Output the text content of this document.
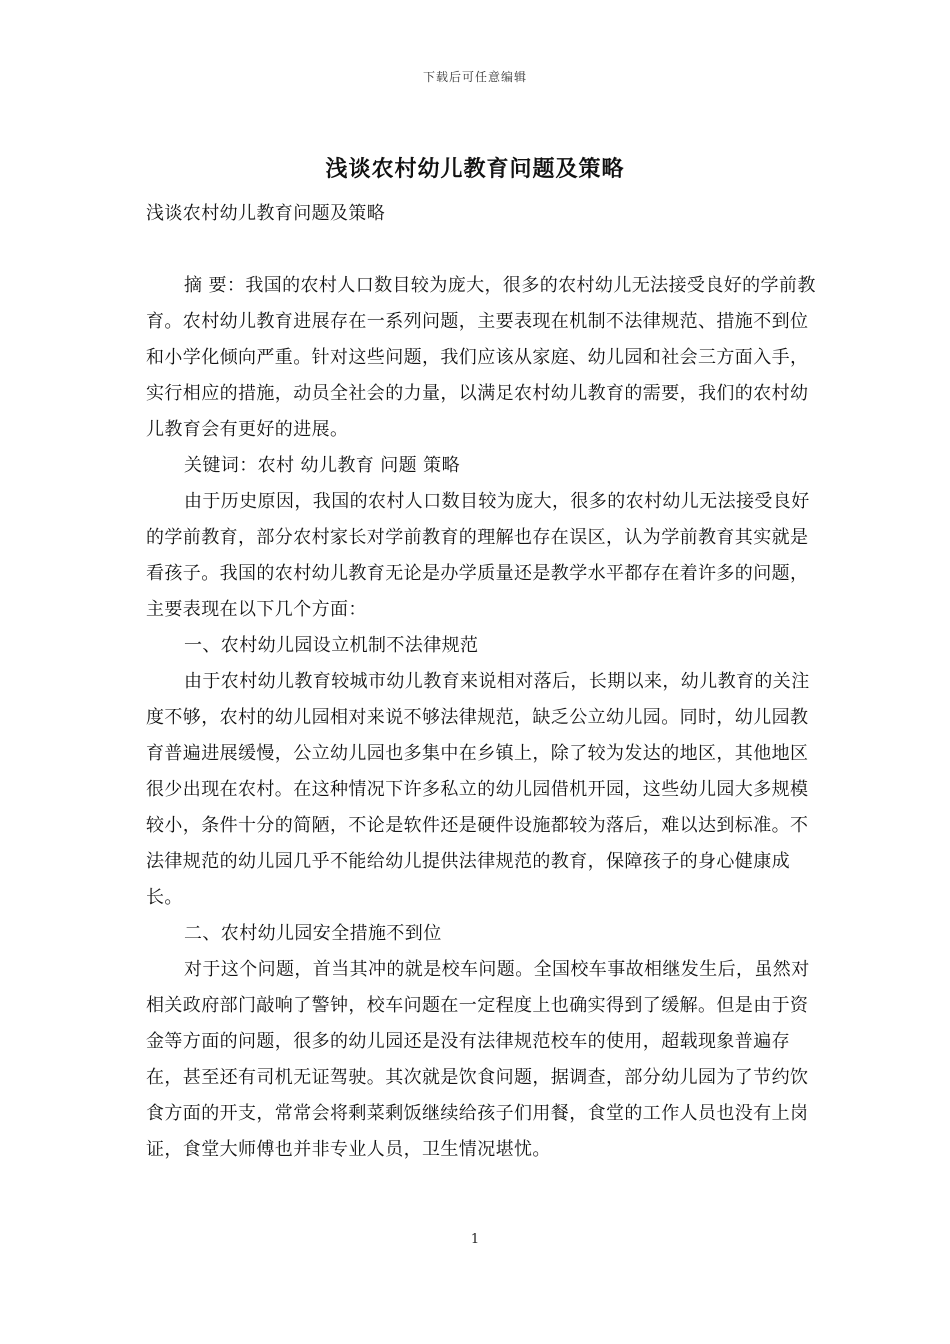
下载后可任意编辑
浅谈农村幼儿教育问题及策略

浅谈农村幼儿教育问题及策略

摘 要：我国的农村人口数目较为庞大，很多的农村幼儿无法接受良好的学前教育。农村幼儿教育进展存在一系列问题，主要表现在机制不法律规范、措施不到位和小学化倾向严重。针对这些问题，我们应该从家庭、幼儿园和社会三方面入手，实行相应的措施，动员全社会的力量，以满足农村幼儿教育的需要，我们的农村幼儿教育会有更好的进展。

关键词：农村 幼儿教育 问题 策略

由于历史原因，我国的农村人口数目较为庞大，很多的农村幼儿无法接受良好的学前教育，部分农村家长对学前教育的理解也存在误区，认为学前教育其实就是看孩子。我国的农村幼儿教育无论是办学质量还是教学水平都存在着许多的问题，主要表现在以下几个方面：

一、农村幼儿园设立机制不法律规范

由于农村幼儿教育较城市幼儿教育来说相对落后，长期以来，幼儿教育的关注度不够，农村的幼儿园相对来说不够法律规范，缺乏公立幼儿园。同时，幼儿园教育普遍进展缓慢，公立幼儿园也多集中在乡镇上，除了较为发达的地区，其他地区很少出现在农村。在这种情况下许多私立的幼儿园借机开园，这些幼儿园大多规模较小，条件十分的简陋，不论是软件还是硬件设施都较为落后，难以达到标准。不法律规范的幼儿园几乎不能给幼儿提供法律规范的教育，保障孩子的身心健康成长。

二、农村幼儿园安全措施不到位

对于这个问题，首当其冲的就是校车问题。全国校车事故相继发生后，虽然对相关政府部门敲响了警钟，校车问题在一定程度上也确实得到了缓解。但是由于资金等方面的问题，很多的幼儿园还是没有法律规范校车的使用，超载现象普遍存在，甚至还有司机无证驾驶。其次就是饮食问题，据调查，部分幼儿园为了节约饮食方面的开支，常常会将剩菜剩饭继续给孩子们用餐，食堂的工作人员也没有上岗证，食堂大师傅也并非专业人员，卫生情况堪忧。

1
